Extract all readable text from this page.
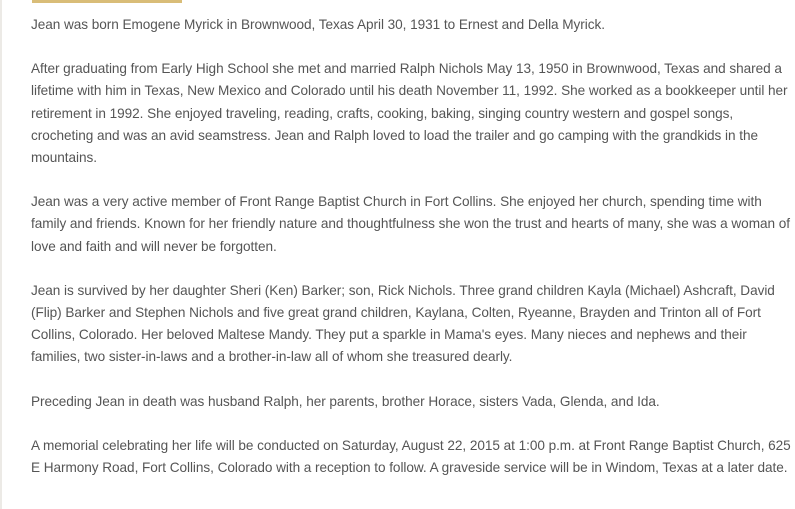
Jean was born Emogene Myrick in Brownwood, Texas April 30, 1931 to Ernest and Della Myrick.

After graduating from Early High School she met and married Ralph Nichols May 13, 1950 in Brownwood, Texas and shared a lifetime with him in Texas, New Mexico and Colorado until his death November 11, 1992. She worked as a bookkeeper until her retirement in 1992. She enjoyed traveling, reading, crafts, cooking, baking, singing country western and gospel songs, crocheting and was an avid seamstress. Jean and Ralph loved to load the trailer and go camping with the grandkids in the mountains.

Jean was a very active member of Front Range Baptist Church in Fort Collins. She enjoyed her church, spending time with family and friends. Known for her friendly nature and thoughtfulness she won the trust and hearts of many, she was a woman of love and faith and will never be forgotten.

Jean is survived by her daughter Sheri (Ken) Barker; son, Rick Nichols. Three grand children Kayla (Michael) Ashcraft, David (Flip) Barker and Stephen Nichols and five great grand children, Kaylana, Colten, Ryeanne, Brayden and Trinton all of Fort Collins, Colorado. Her beloved Maltese Mandy. They put a sparkle in Mama's eyes. Many nieces and nephews and their families, two sister-in-laws and a brother-in-law all of whom she treasured dearly.

Preceding Jean in death was husband Ralph, her parents, brother Horace, sisters Vada, Glenda, and Ida.

A memorial celebrating her life will be conducted on Saturday, August 22, 2015 at 1:00 p.m. at Front Range Baptist Church, 625 E Harmony Road, Fort Collins, Colorado with a reception to follow. A graveside service will be in Windom, Texas at a later date.
